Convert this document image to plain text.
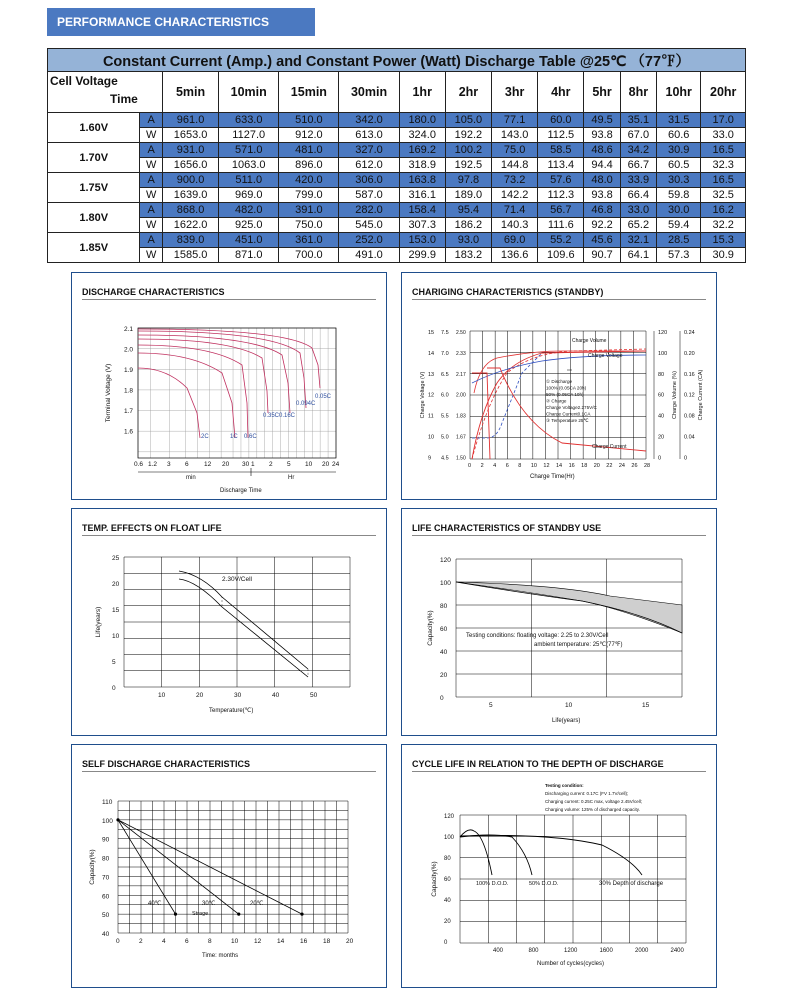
PERFORMANCE CHARACTERISTICS
Constant Current (Amp.) and Constant Power (Watt) Discharge Table @25℃ （77℉）													

Cell Voltage
Time		5min	10min	15min	30min	1hr	2hr	3hr	4hr	5hr	8hr	10hr	20hr
1.60V	A	961.0	633.0	510.0	342.0	180.0	105.0	77.1	60.0	49.5	35.1	31.5	17.0
	W	1653.0	1127.0	912.0	613.0	324.0	192.2	143.0	112.5	93.8	67.0	60.6	33.0
1.70V	A	931.0	571.0	481.0	327.0	169.2	100.2	75.0	58.5	48.6	34.2	30.9	16.5
	W	1656.0	1063.0	896.0	612.0	318.9	192.5	144.8	113.4	94.4	66.7	60.5	32.3
1.75V	A	900.0	511.0	420.0	306.0	163.8	97.8	73.2	57.6	48.0	33.9	30.3	16.5
	W	1639.0	969.0	799.0	587.0	316.1	189.0	142.2	112.3	93.8	66.4	59.8	32.5
1.80V	A	868.0	482.0	391.0	282.0	158.4	95.4	71.4	56.7	46.8	33.0	30.0	16.2
	W	1622.0	925.0	750.0	545.0	307.3	186.2	140.3	111.6	92.2	65.2	59.4	32.2
1.85V	A	839.0	451.0	361.0	252.0	153.0	93.0	69.0	55.2	45.6	32.1	28.5	15.3
	W	1585.0	871.0	700.0	491.0	299.9	183.2	136.6	109.6	90.7	64.1	57.3	30.9
DISCHARGE CHARACTERISTICS
2.1
2.0
1.9
1.8
1.7
1.6
Terminal Voltage (V)
0.6 1.2 3 6 12 20 30 1 2 5 10 20 24
min	Hr
Discharge Time
2C	1C 0.6C
0.35C 0.16C
0.094C
0.05C
CHARIGING CHARACTERISTICS (STANDBY)
15
14
13
12
11
10
9
7.5
7.0
6.5
6.0
5.5
5.0
4.5
2.50
2.33
2.17
2.00
1.83
1.67
1.50
120
100
80
60
40
20
0
0.24
0.20
0.16
0.12
0.08
0.04
0
0 2 4 6 8 10 12 14 16 18 20 22 24 26 28
Charge Time(Hr)
Charge Voltage (V)	Charge Volume (%)	Charge Current (CA)
Charge Volume
Charge Voltage
Charge Current
① Discharge
100% (0.05CA 20h)
50% (0.05CA 10h)
② Charge
Charge Voltage2.275V/C
Charge Current0.1CA
③ Temperature 25℃
TEMP. EFFECTS ON FLOAT LIFE
25
20
15
10
5
0
10	20	30	40	50
Life(years)
Temperature(℃)
2.30V/Cell
LIFE CHARACTERISTICS OF STANDBY USE
120
100
80
60
40
20
0
5	10	15
Capacity(%)
Life(years)
Testing conditions: floating voltage: 2.25 to 2.30V/Cell
ambient temperature: 25℃(77℉)
SELF DISCHARGE CHARACTERISTICS
110
100
90
80
70
60
50
40
0	2	4	6	8	10 12 14 16 18 20
Capacity(%)
Time: months
40℃	30℃	20℃
Strage
CYCLE LIFE IN RELATION TO THE DEPTH OF DISCHARGE
Testing condition:
Discharging current: 0.17C (FV 1.7V/cell);
Charging current: 0.25C max, voltage 2.45V/cell;
Charging volume: 125% of discharged capacity.
120
100
80
60
40
20
0
400	800	1200	1600	2000	2400
Capacity(%)
Number of cycles(cycles)
100% D.O.D.	50% D.O.D.	30% Depth of discharge
